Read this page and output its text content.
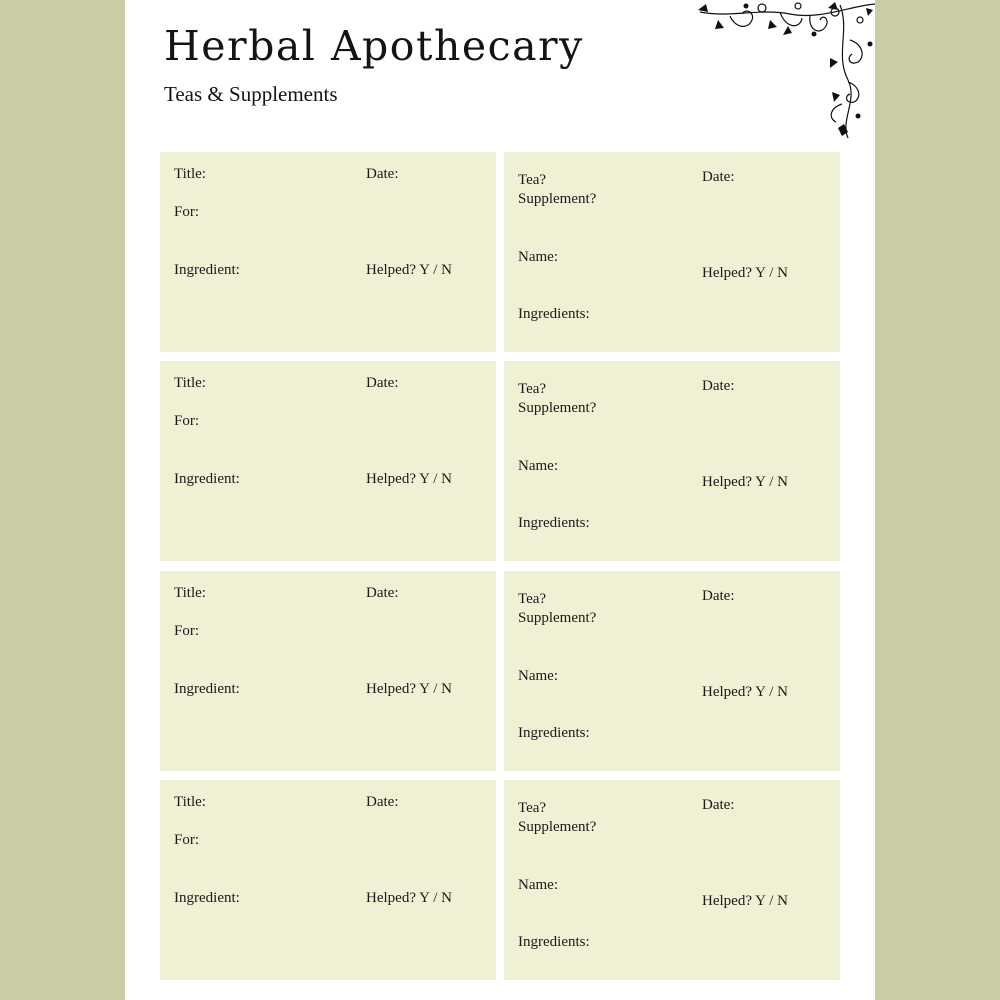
Herbal Apothecary

Teas & Supplements

Title:	Date:
For:
Ingredient:	Helped? Y / N
Tea?
Supplement?
Date:
Name:
Helped? Y / N
Ingredients:
Title:	Date:
For:
Ingredient:	Helped? Y / N
Tea?
Supplement?
Date:
Name:
Helped? Y / N
Ingredients:
Title:	Date:
For:
Ingredient:	Helped? Y / N
Tea?
Supplement?
Date:
Name:
Helped? Y / N
Ingredients:
Title:	Date:
For:
Ingredient:	Helped? Y / N
Tea?
Supplement?
Date:
Name:
Helped? Y / N
Ingredients:
